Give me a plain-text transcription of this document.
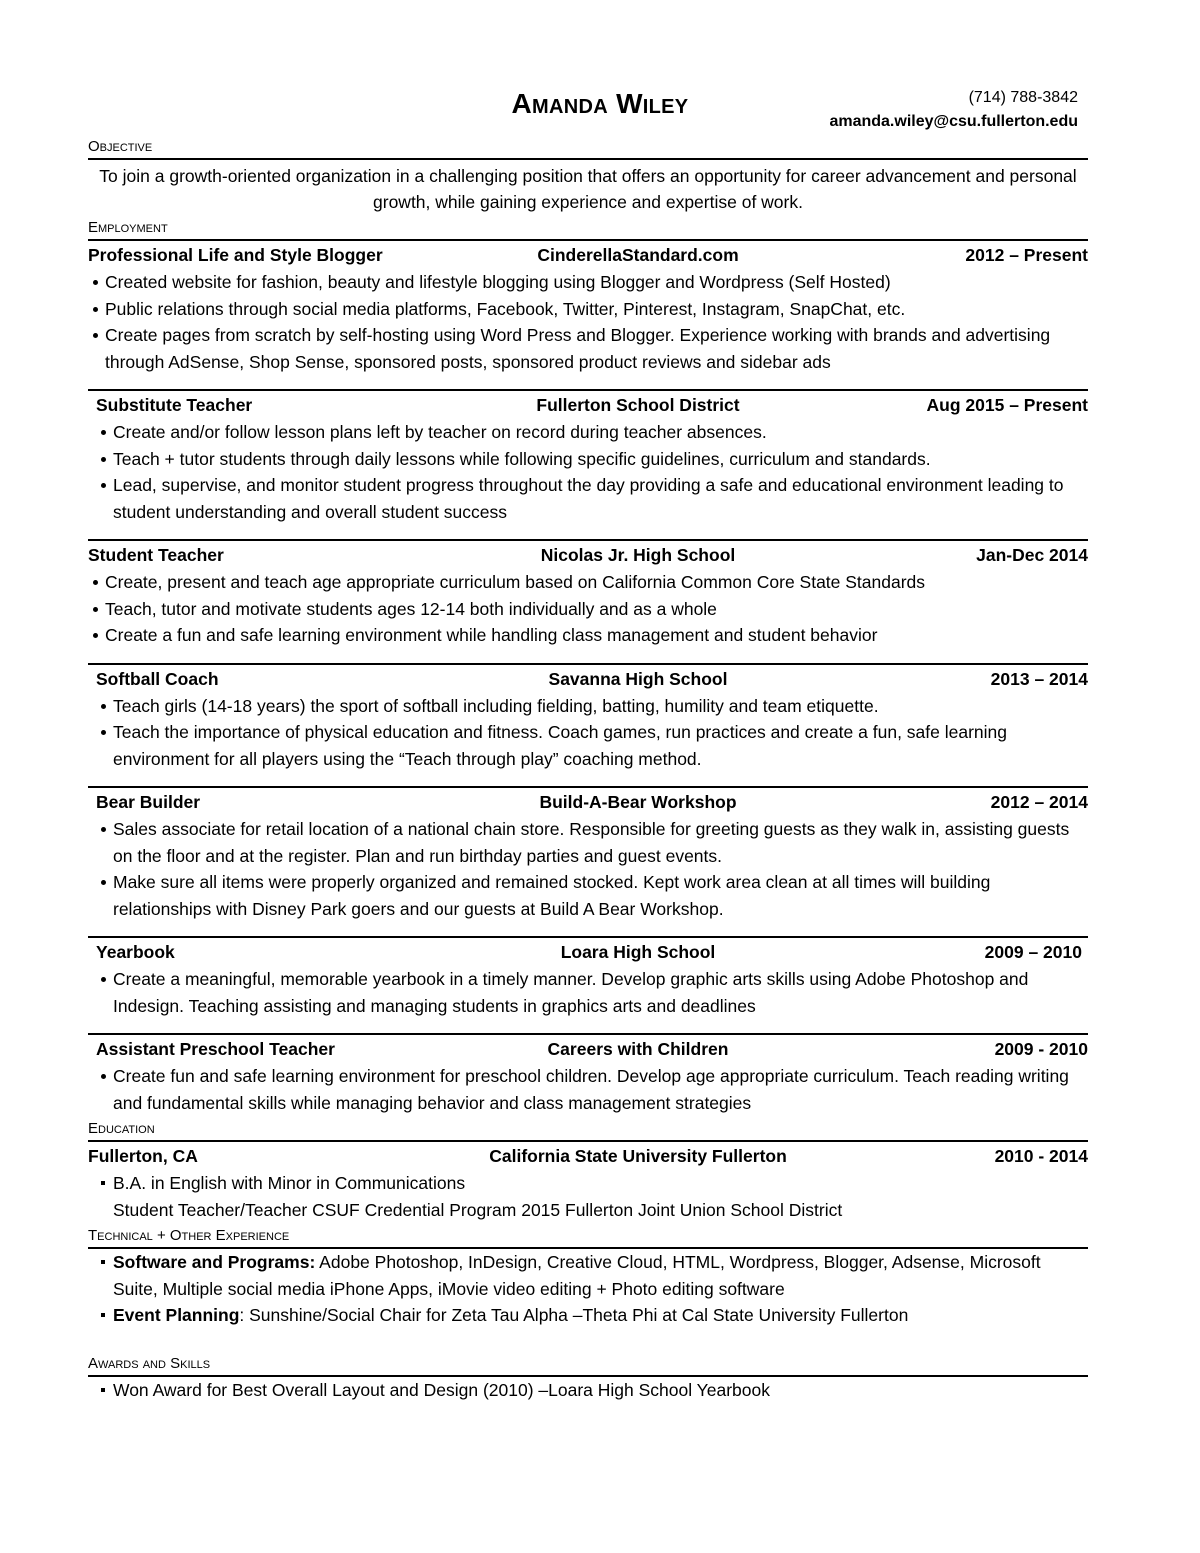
Amanda Wiley	(714) 788-3842
amanda.wiley@csu.fullerton.edu
Objective
To join a growth-oriented organization in a challenging position that offers an opportunity for career advancement and personal growth, while gaining experience and expertise of work.
Employment
Professional Life and Style Blogger	CinderellaStandard.com	2012 – Present
Created website for fashion, beauty and lifestyle blogging using Blogger and Wordpress (Self Hosted)
Public relations through social media platforms, Facebook, Twitter, Pinterest, Instagram, SnapChat, etc.
Create pages from scratch by self-hosting using Word Press and Blogger. Experience working with brands and advertising through AdSense, Shop Sense, sponsored posts, sponsored product reviews and sidebar ads
Substitute Teacher	Fullerton School District	Aug 2015 – Present
Create and/or follow lesson plans left by teacher on record during teacher absences.
Teach + tutor students through daily lessons while following specific guidelines, curriculum and standards.
Lead, supervise, and monitor student progress throughout the day providing a safe and educational environment leading to student understanding and overall student success
Student Teacher	Nicolas Jr. High School	Jan-Dec 2014
Create, present and teach age appropriate curriculum based on California Common Core State Standards
Teach, tutor and motivate students ages 12-14 both individually and as a whole
Create a fun and safe learning environment while handling class management and student behavior
Softball Coach	Savanna High School	2013 – 2014
Teach girls (14-18 years) the sport of softball including fielding, batting, humility and team etiquette.
Teach the importance of physical education and fitness. Coach games, run practices and create a fun, safe learning environment for all players using the “Teach through play” coaching method.
Bear Builder	Build-A-Bear Workshop	2012 – 2014
Sales associate for retail location of a national chain store. Responsible for greeting guests as they walk in, assisting guests on the floor and at the register. Plan and run birthday parties and guest events.
Make sure all items were properly organized and remained stocked. Kept work area clean at all times will building relationships with Disney Park goers and our guests at Build A Bear Workshop.
Yearbook	Loara High School	2009 – 2010
Create a meaningful, memorable yearbook in a timely manner. Develop graphic arts skills using Adobe Photoshop and Indesign. Teaching assisting and managing students in graphics arts and deadlines
Assistant Preschool Teacher	Careers with Children	2009 - 2010
Create fun and safe learning environment for preschool children. Develop age appropriate curriculum. Teach reading writing and fundamental skills while managing behavior and class management strategies
Education
Fullerton, CA	California State University Fullerton	2010 - 2014
B.A. in English with Minor in Communications
Student Teacher/Teacher CSUF Credential Program 2015 Fullerton Joint Union School District
Technical + Other Experience
Software and Programs: Adobe Photoshop, InDesign, Creative Cloud, HTML, Wordpress, Blogger, Adsense, Microsoft Suite, Multiple social media iPhone Apps, iMovie video editing + Photo editing software
Event Planning: Sunshine/Social Chair for Zeta Tau Alpha –Theta Phi at Cal State University Fullerton
Awards and Skills
Won Award for Best Overall Layout and Design (2010) –Loara High School Yearbook
